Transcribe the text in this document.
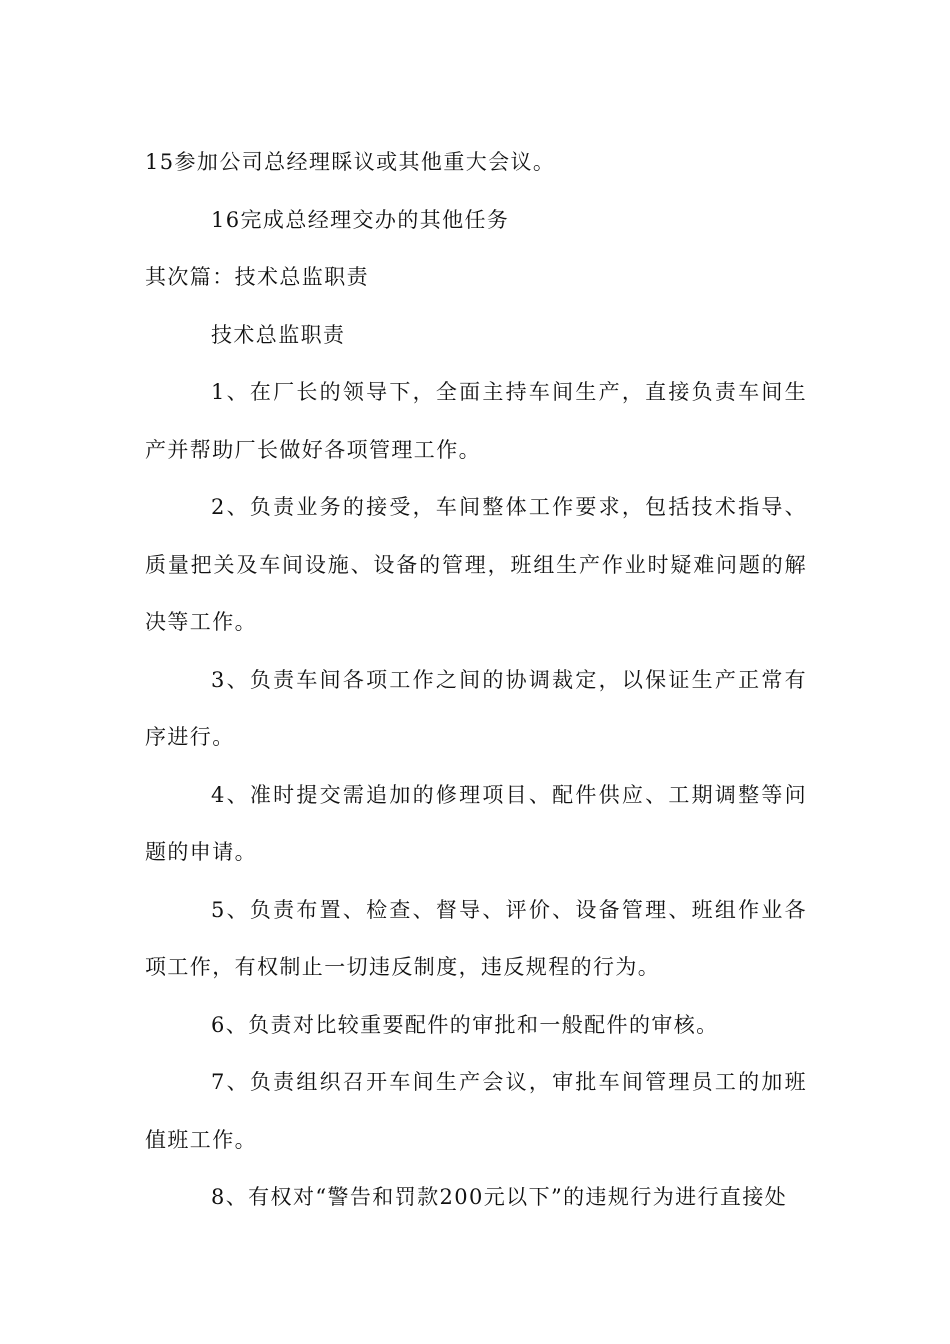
15参加公司总经理睬议或其他重大会议。

16完成总经理交办的其他任务

其次篇：技术总监职责

技术总监职责

1、在厂长的领导下，全面主持车间生产，直接负责车间生产并帮助厂长做好各项管理工作。

2、负责业务的接受，车间整体工作要求，包括技术指导、质量把关及车间设施、设备的管理，班组生产作业时疑难问题的解决等工作。

3、负责车间各项工作之间的协调裁定，以保证生产正常有序进行。

4、准时提交需追加的修理项目、配件供应、工期调整等问题的申请。

5、负责布置、检查、督导、评价、设备管理、班组作业各项工作，有权制止一切违反制度，违反规程的行为。

6、负责对比较重要配件的审批和一般配件的审核。

7、负责组织召开车间生产会议，审批车间管理员工的加班值班工作。

8、有权对“警告和罚款200元以下”的违规行为进行直接处
